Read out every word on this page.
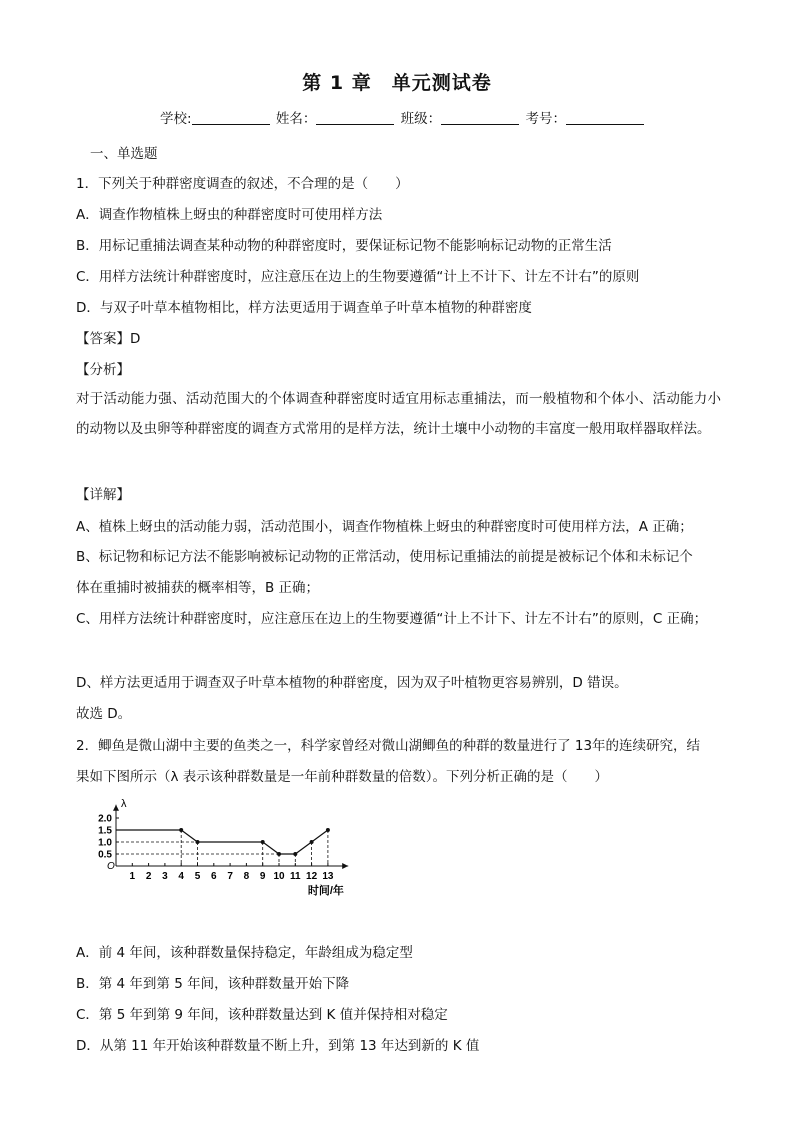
第 1 章　单元测试卷
学校:	姓名：	班级：	考号：
一、单选题
1．下列关于种群密度调查的叙述，不合理的是（　　）
A．调查作物植株上蚜虫的种群密度时可使用样方法
B．用标记重捕法调查某种动物的种群密度时，要保证标记物不能影响标记动物的正常生活
C．用样方法统计种群密度时，应注意压在边上的生物要遵循“计上不计下、计左不计右”的原则
D．与双子叶草本植物相比，样方法更适用于调查单子叶草本植物的种群密度
【答案】D
【分析】
对于活动能力强、活动范围大的个体调查种群密度时适宜用标志重捕法，而一般植物和个体小、活动能力小的动物以及虫卵等种群密度的调查方式常用的是样方法，统计土壤中小动物的丰富度一般用取样器取样法。
【详解】
A、植株上蚜虫的活动能力弱，活动范围小，调查作物植株上蚜虫的种群密度时可使用样方法，A 正确；
B、标记物和标记方法不能影响被标记动物的正常活动，使用标记重捕法的前提是被标记个体和未标记个
体在重捕时被捕获的概率相等，B 正确；
C、用样方法统计种群密度时，应注意压在边上的生物要遵循“计上不计下、计左不计右”的原则，C 正确；
D、样方法更适用于调查双子叶草本植物的种群密度，因为双子叶植物更容易辨别，D 错误。
故选 D。
2．鲫鱼是微山湖中主要的鱼类之一，科学家曾经对微山湖鲫鱼的种群的数量进行了 13年的连续研究，结
果如下图所示（λ 表示该种群数量是一年前种群数量的倍数）。下列分析正确的是（　　）
λ
时间/年
O
2.0
1.5
1.0
0.5
1 2 3 4 5 6 7 8 9 10 11 12 13
A．前 4 年间，该种群数量保持稳定，年龄组成为稳定型
B．第 4 年到第 5 年间，该种群数量开始下降
C．第 5 年到第 9 年间，该种群数量达到 K 值并保持相对稳定
D．从第 11 年开始该种群数量不断上升，到第 13 年达到新的 K 值
